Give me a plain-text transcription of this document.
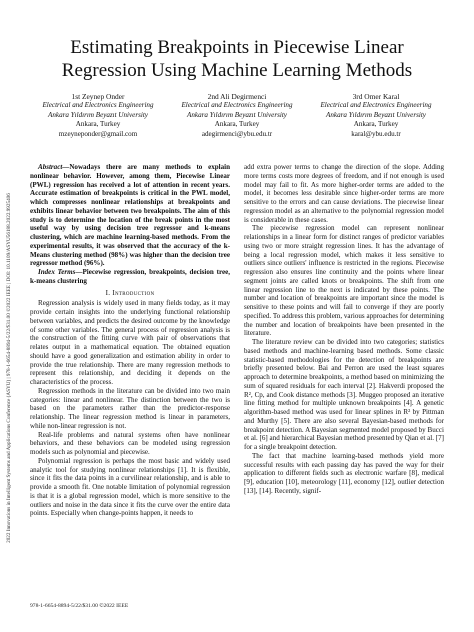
2022 Innovations in Intelligent Systems and Applications Conference (ASYU) | 978-1-6654-8894-5/22/$31.00 ©2022 IEEE | DOI: 10.1109/ASYU56188.2022.9925406
Estimating Breakpoints in Piecewise Linear
Regression Using Machine Learning Methods
1st Zeynep Onder
Electrical and Electronics Engineering
Ankara Yıldırım Beyazıt University
Ankara, Turkey
mzeyneponder@gmail.com
2nd Ali Degirmenci
Electrical and Electronics Engineering
Ankara Yıldırım Beyazıt University
Ankara, Turkey
adegirmenci@ybu.edu.tr
3rd Omer Karal
Electrical and Electronics Engineering
Ankara Yıldırım Beyazıt University
Ankara, Turkey
karal@ybu.edu.tr

Abstract—Nowadays there are many methods to explain nonlinear behavior. However, among them, Piecewise Linear (PWL) regression has received a lot of attention in recent years. Accurate estimation of breakpoints is critical in the PWL model, which compresses nonlinear relationships at breakpoints and exhibits linear behavior between two breakpoints. The aim of this study is to determine the location of the break points in the most useful way by using decision tree regressor and k-means clustering, which are machine learning-based methods. From the experimental results, it was observed that the accuracy of the k-Means clustering method (98%) was higher than the decision tree regressor method (96%).

Index Terms—Piecewise regression, breakpoints, decision tree, k-means clustering

I. Introduction

Regression analysis is widely used in many fields today, as it may provide certain insights into the underlying functional relationship between variables, and predicts the desired outcome by the knowledge of some other variables. The general process of regression analysis is the construction of the fitting curve with pair of observations that relates output in a mathematical equation. The obtained equation should have a good generalization and estimation ability in order to provide the true relationship. There are many regression methods to represent this relationship, and deciding it depends on the characteristics of the process.

Regression methods in the literature can be divided into two main categories: linear and nonlinear. The distinction between the two is based on the parameters rather than the predictor-response relationship. The linear regression method is linear in parameters, while non-linear regression is not.

Real-life problems and natural systems often have nonlinear behaviors, and these behaviors can be modeled using regression models such as polynomial and piecewise.

Polynomial regression is perhaps the most basic and widely used analytic tool for studying nonlinear relationships [1]. It is flexible, since it fits the data points in a curvilinear relationship, and is able to provide a smooth fit. One notable limitation of polynomial regression is that it is a global regression model, which is more sensitive to the outliers and noise in the data since it fits the curve over the entire data points. Especially when change-points happen, it needs to

add extra power terms to change the direction of the slope. Adding more terms costs more degrees of freedom, and if not enough is used model may fail to fit. As more higher-order terms are added to the model, it becomes less desirable since higher-order terms are more sensitive to the errors and can cause deviations. The piecewise linear regression model as an alternative to the polynomial regression model is considerable in these cases.

The piecewise regression model can represent nonlinear relationships in a linear form for distinct ranges of predictor variables using two or more straight regression lines. It has the advantage of being a local regression model, which makes it less sensitive to outliers since outliers' influence is restricted in the regions. Piecewise regression also ensures line continuity and the points where linear segment joints are called knots or breakpoints. The shift from one linear regression line to the next is indicated by these points. The number and location of breakpoints are important since the model is sensitive to these points and will fail to converge if they are poorly specified. To address this problem, various approaches for determining the number and location of breakpoints have been presented in the literature.

The literature review can be divided into two categories; statistics based methods and machine-learning based methods. Some classic statistic-based methodologies for the detection of breakpoints are briefly presented below. Bai and Perron are used the least squares approach to determine breakpoints, a method based on minimizing the sum of squared residuals for each interval [2]. Hakverdi proposed the R², Cp, and Cook distance methods [3]. Muggeo proposed an iterative line fitting method for multiple unknown breakpoints [4]. A genetic algorithm-based method was used for linear splines in R² by Pittman and Murthy [5]. There are also several Bayesian-based methods for breakpoint detection. A Bayesian segmented model proposed by Bucci et al. [6] and hierarchical Bayesian method presented by Qian et al. [7] for a single breakpoint detection.

The fact that machine learning-based methods yield more successful results with each passing day has paved the way for their application to different fields such as electronic warfare [8], medical [9], education [10], meteorology [11], economy [12], outlier detection [13], [14]. Recently, signif-

978-1-6654-8894-5/22/$31.00 ©2022 IEEE
